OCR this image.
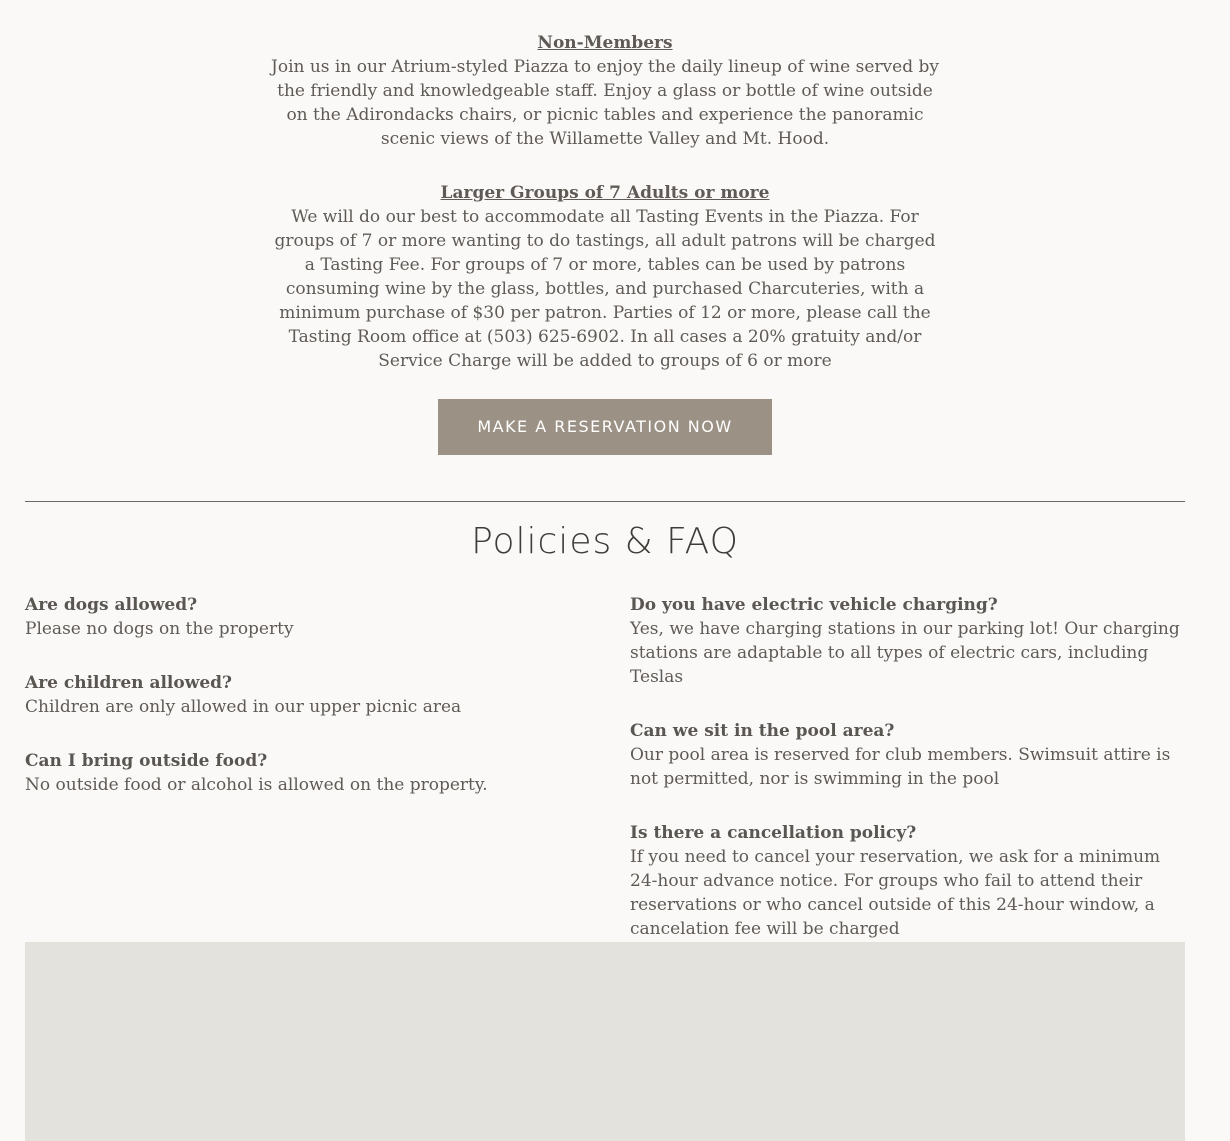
Non-Members
Join us in our Atrium-styled Piazza to enjoy the daily lineup of wine served by the friendly and knowledgeable staff. Enjoy a glass or bottle of wine outside on the Adirondacks chairs, or picnic tables and experience the panoramic scenic views of the Willamette Valley and Mt. Hood.
Larger Groups of 7 Adults or more
We will do our best to accommodate all Tasting Events in the Piazza. For groups of 7 or more wanting to do tastings, all adult patrons will be charged a Tasting Fee. For groups of 7 or more, tables can be used by patrons consuming wine by the glass, bottles, and purchased Charcuteries, with a minimum purchase of $30 per patron. Parties of 12 or more, please call the Tasting Room office at (503) 625-6902. In all cases a 20% gratuity and/or Service Charge will be added to groups of 6 or more
MAKE A RESERVATION NOW
Policies & FAQ
Are dogs allowed?
Please no dogs on the property
Are children allowed?
Children are only allowed in our upper picnic area
Can I bring outside food?
No outside food or alcohol is allowed on the property.
Do you have electric vehicle charging?
Yes, we have charging stations in our parking lot! Our charging stations are adaptable to all types of electric cars, including Teslas
Can we sit in the pool area?
Our pool area is reserved for club members. Swimsuit attire is not permitted, nor is swimming in the pool
Is there a cancellation policy?
If you need to cancel your reservation, we ask for a minimum 24-hour advance notice. For groups who fail to attend their reservations or who cancel outside of this 24-hour window, a cancelation fee will be charged
